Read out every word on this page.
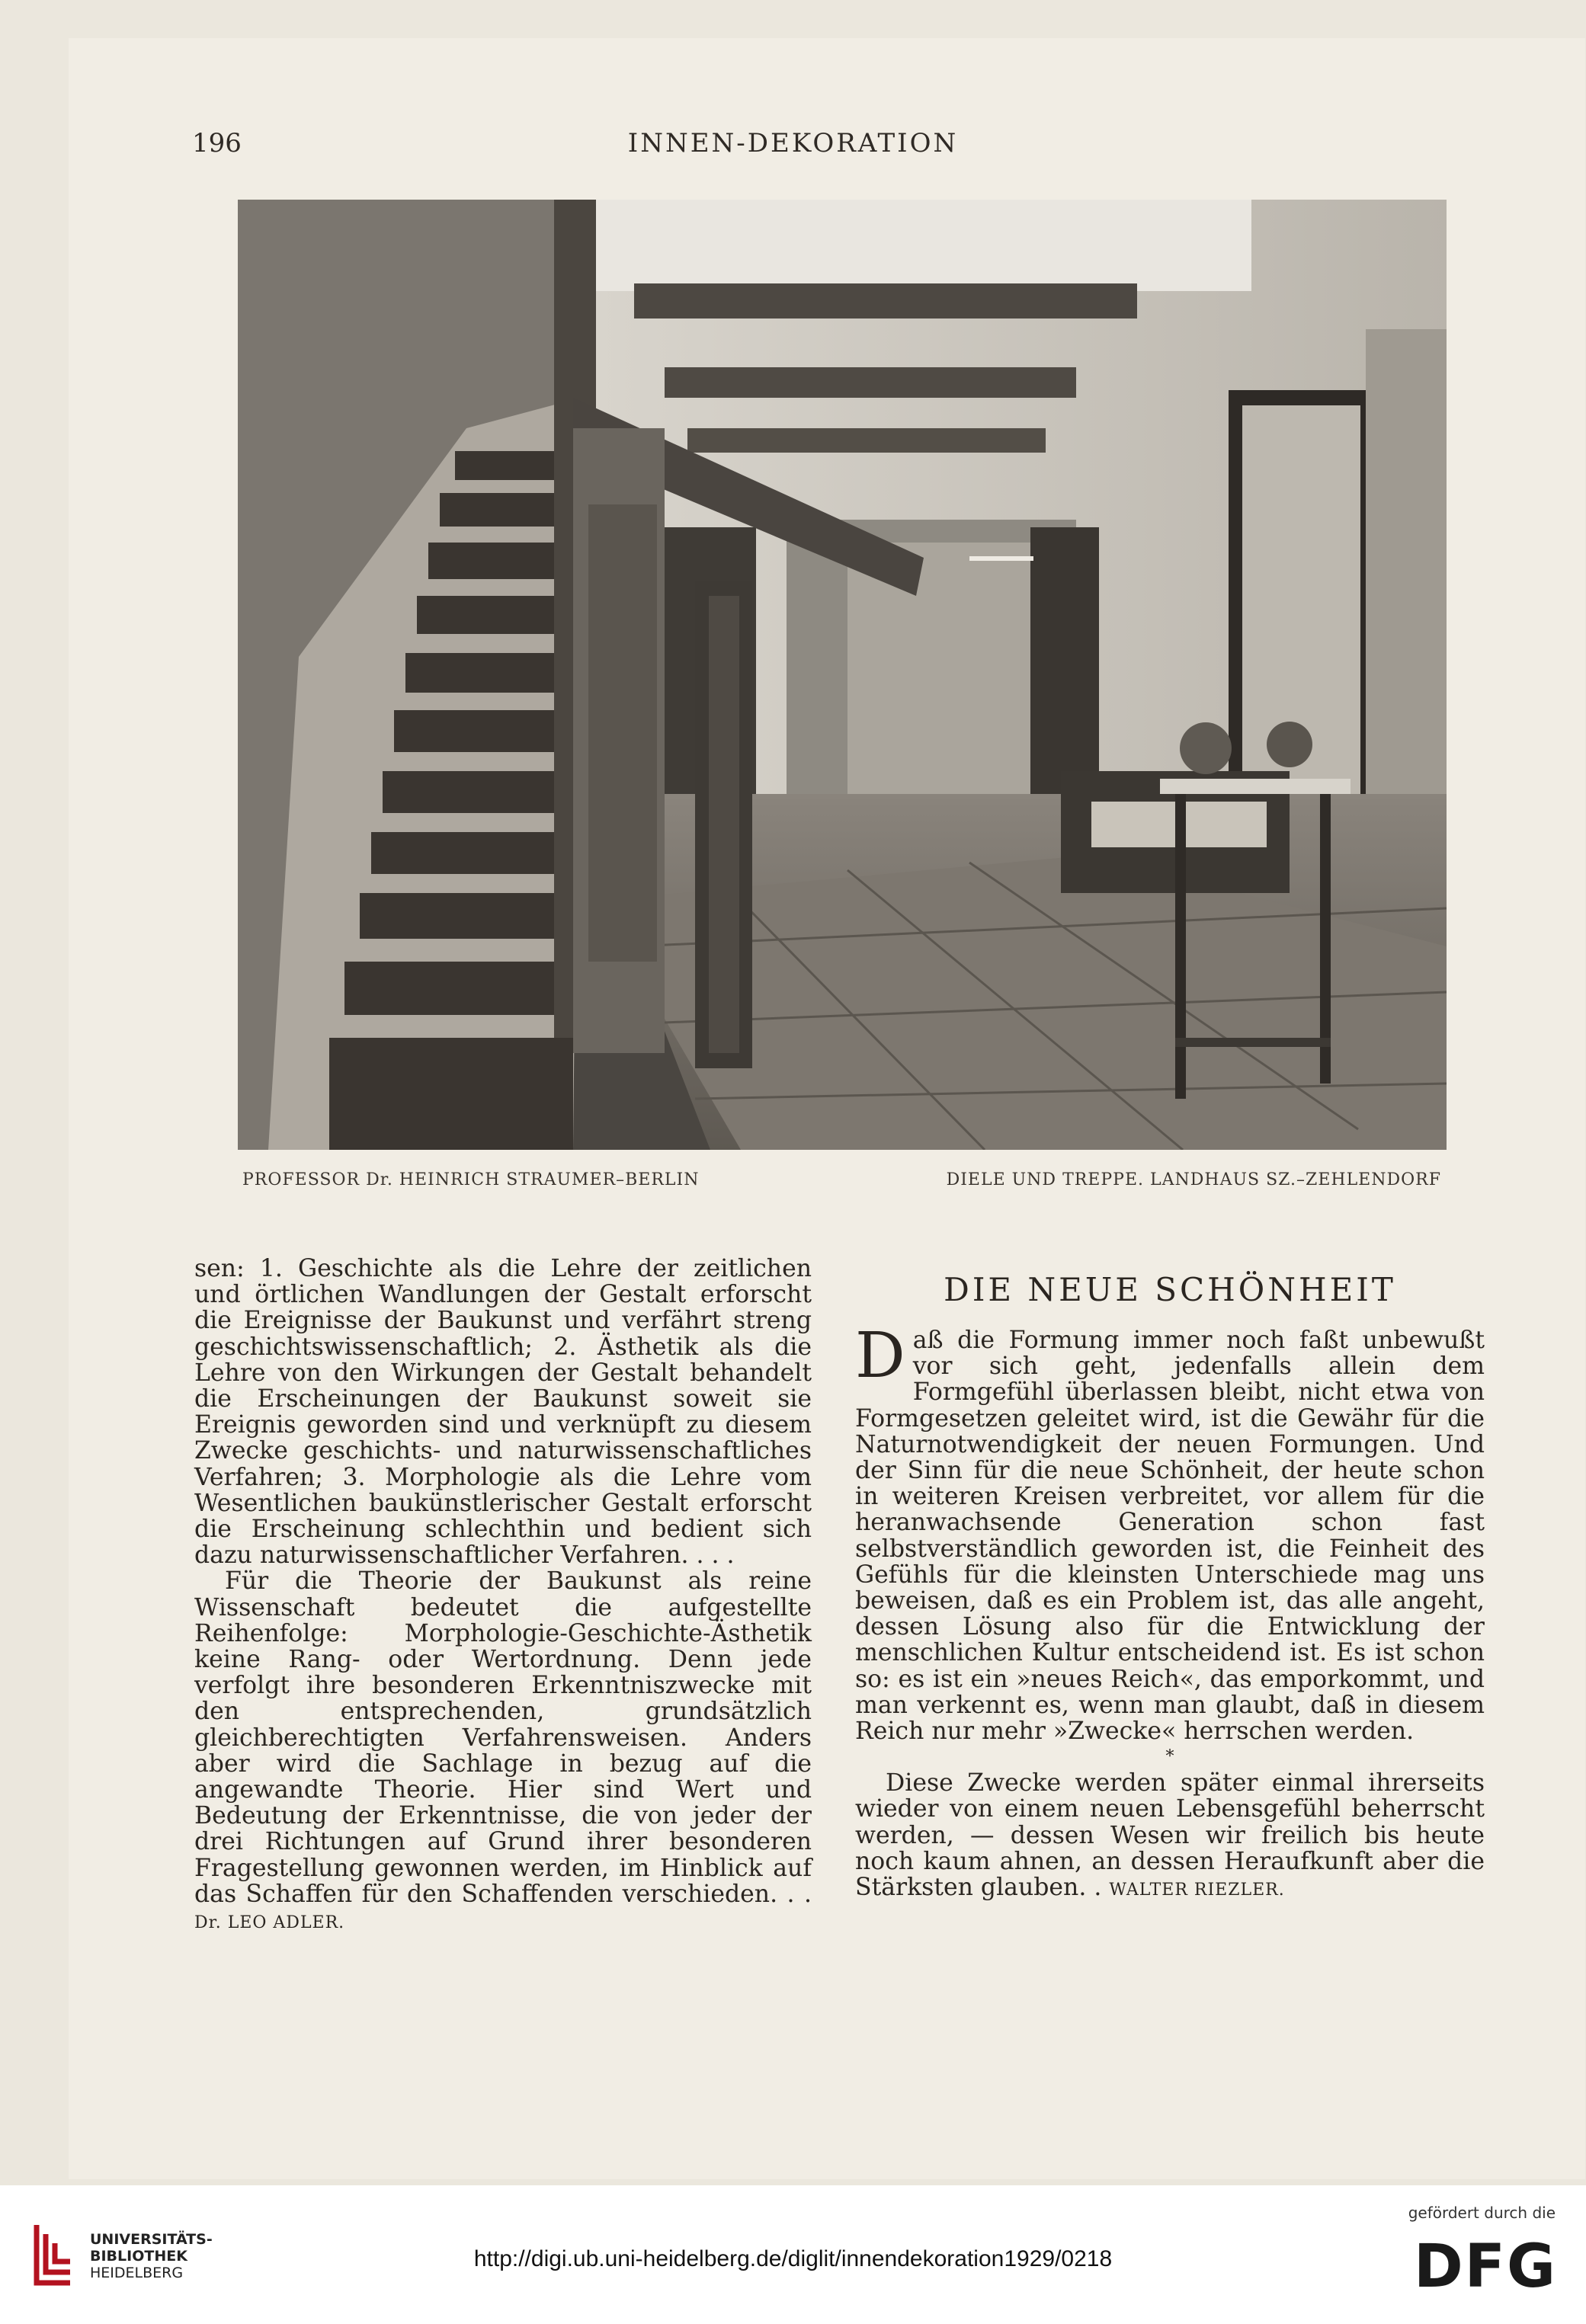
196	INNEN-DEKORATION
PROFESSOR Dr. HEINRICH STRAUMER–BERLIN	DIELE UND TREPPE. LANDHAUS SZ.–ZEHLENDORF

sen: 1. Geschichte als die Lehre der zeitlichen und örtlichen Wandlungen der Gestalt erforscht die Ereignisse der Baukunst und verfährt streng geschichtswissenschaftlich; 2. Ästhetik als die Lehre von den Wirkungen der Gestalt behandelt die Erscheinungen der Baukunst soweit sie Ereignis geworden sind und verknüpft zu diesem Zwecke geschichts- und naturwissenschaftliches Verfahren; 3. Morphologie als die Lehre vom Wesentlichen baukünstlerischer Gestalt erforscht die Erscheinung schlechthin und bedient sich dazu naturwissenschaftlicher Verfahren. . . .

Für die Theorie der Baukunst als reine Wissenschaft bedeutet die aufgestellte Reihenfolge: Morphologie-Geschichte-Ästhetik keine Rang- oder Wertordnung. Denn jede verfolgt ihre besonderen Erkenntniszwecke mit den entsprechenden, grundsätzlich gleichberechtigten Verfahrensweisen. Anders aber wird die Sachlage in bezug auf die angewandte Theorie. Hier sind Wert und Bedeutung der Erkenntnisse, die von jeder der drei Richtungen auf Grund ihrer besonderen Fragestellung gewonnen werden, im Hinblick auf das Schaffen für den Schaffenden verschieden. . . Dr. LEO ADLER.

DIE NEUE SCHÖNHEIT

Daß die Formung immer noch faßt unbewußt vor sich geht, jedenfalls allein dem Formgefühl überlassen bleibt, nicht etwa von Formgesetzen geleitet wird, ist die Gewähr für die Naturnotwendigkeit der neuen Formungen. Und der Sinn für die neue Schönheit, der heute schon in weiteren Kreisen verbreitet, vor allem für die heranwachsende Generation schon fast selbstverständlich geworden ist, die Feinheit des Gefühls für die kleinsten Unterschiede mag uns beweisen, daß es ein Problem ist, das alle angeht, dessen Lösung also für die Entwicklung der menschlichen Kultur entscheidend ist. Es ist schon so: es ist ein »neues Reich«, das emporkommt, und man verkennt es, wenn man glaubt, daß in diesem Reich nur mehr »Zwecke« herrschen werden.

*

Diese Zwecke werden später einmal ihrerseits wieder von einem neuen Lebensgefühl beherrscht werden, — dessen Wesen wir freilich bis heute noch kaum ahnen, an dessen Heraufkunft aber die Stärksten glauben. . WALTER RIEZLER.

UNIVERSITÄTS-
BIBLIOTHEK
HEIDELBERG
http://digi.ub.uni-heidelberg.de/diglit/innendekoration1929/0218
gefördert durch die
DFG
